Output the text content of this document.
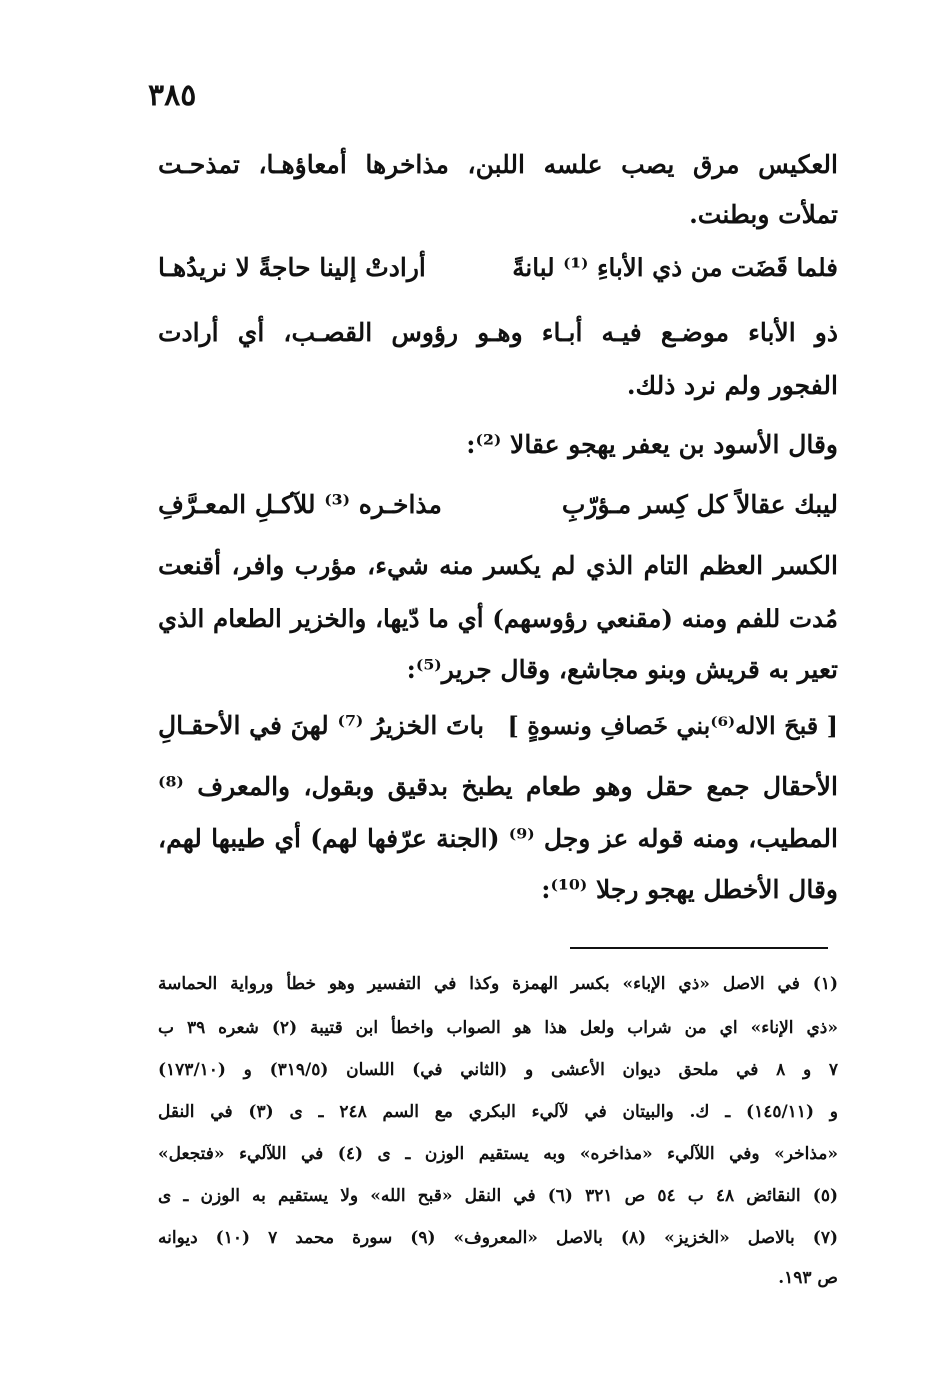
٣٨٥
العكيس مرق يصب علسه اللبن، مذاخرها أمعاؤهـا، تمذحـت
تملأت وبطنت.
فلما قَضَت من ذي الأباءِ ⁽¹⁾ لبانةً
أرادتْ إلينا حاجةً لا نريدُهـا
ذو الأباء موضـع فيـه أبـاء وهـو رؤوس القصـب، أي أرادت
الفجور ولم نرد ذلك.
وقال الأسود بن يعفر يهجو عقالا ⁽²⁾:
ليبك عقالاً كل كِسر مـؤرّبِ
مذاخـره ⁽³⁾ للآكـلِ المعـرَّفِ
الكسر العظم التام الذي لم يكسر منه شيء، مؤرب وافر، أقنعت
مُدت للفم ومنه (مقنعي رؤوسهم) أي ما دّيها، والخزير الطعام الذي
تعير به قريش وبنو مجاشع، وقال جرير⁽⁵⁾:
[ قبحَ الاله⁽⁶⁾بني خَصافِ ونسوةٍ ]
باتَ الخزيرُ ⁽⁷⁾ لهنَ في الأحقـالِ
الأحقال جمع حقل وهو طعام يطبخ بدقيق وبقول، والمعرف ⁽⁸⁾
المطيب، ومنه قوله عز وجل ⁽⁹⁾ (الجنة عرّفها لهم) أي طيبها لهم،
وقال الأخطل يهجو رجلا ⁽¹⁰⁾:
(١) في الاصل «ذي الإباء» بكسر الهمزة وكذا في التفسير وهو خطأ ورواية الحماسة
«ذي الإناء» اي من شراب ولعل هذا هو الصواب واخطأ ابن قتيبة (٢) شعره ٣٩ ب
٧ و ٨ في ملحق ديوان الأعشى و (الثاني في) اللسان (٣١٩/٥) و (١٧٣/١٠)
و (١٤٥/١١) ـ ك. والبيتان في لآليء البكري مع السم ٢٤٨ ـ ى (٣) في النقل
«مذاخر» وفي اللآليء «مذاخره» وبه يستقيم الوزن ـ ى (٤) في اللآليء «فتجعل»
(٥) النقائض ٤٨ ب ٥٤ ص ٣٢١ (٦) في النقل «قبح الله» ولا يستقيم به الوزن ـ ى
(٧) بالاصل «الخزيز» (٨) بالاصل «المعروف» (٩) سورة محمد ٧ (١٠) ديوانه
ص ١٩٣.
